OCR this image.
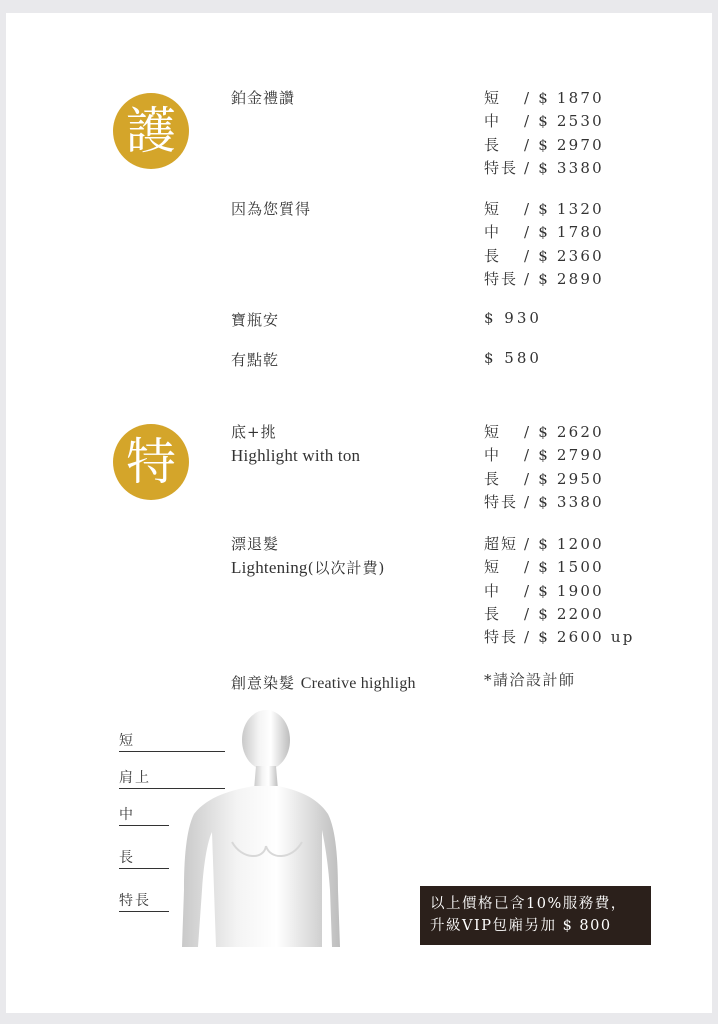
護
鉑金禮讚	短 / $ 1870
中 / $ 2530
長 / $ 2970
特長 / $ 3380
因為您質得	短 / $ 1320
中 / $ 1780
長 / $ 2360
特長 / $ 2890
寶瓶安	$ 930
有點乾	$ 580
特
底+挑
Highlight with ton
短 / $ 2620
中 / $ 2790
長 / $ 2950
特長 / $ 3380
漂退髮
Lightening(以次計費)
超短 / $ 1200
短 / $ 1500
中 / $ 1900
長 / $ 2200
特長 / $ 2600 up
創意染髮 Creative highligh	*請洽設計師
短
肩上
中
長
特長	以上價格已含10%服務費，
升級VIP包廂另加 $ 800
